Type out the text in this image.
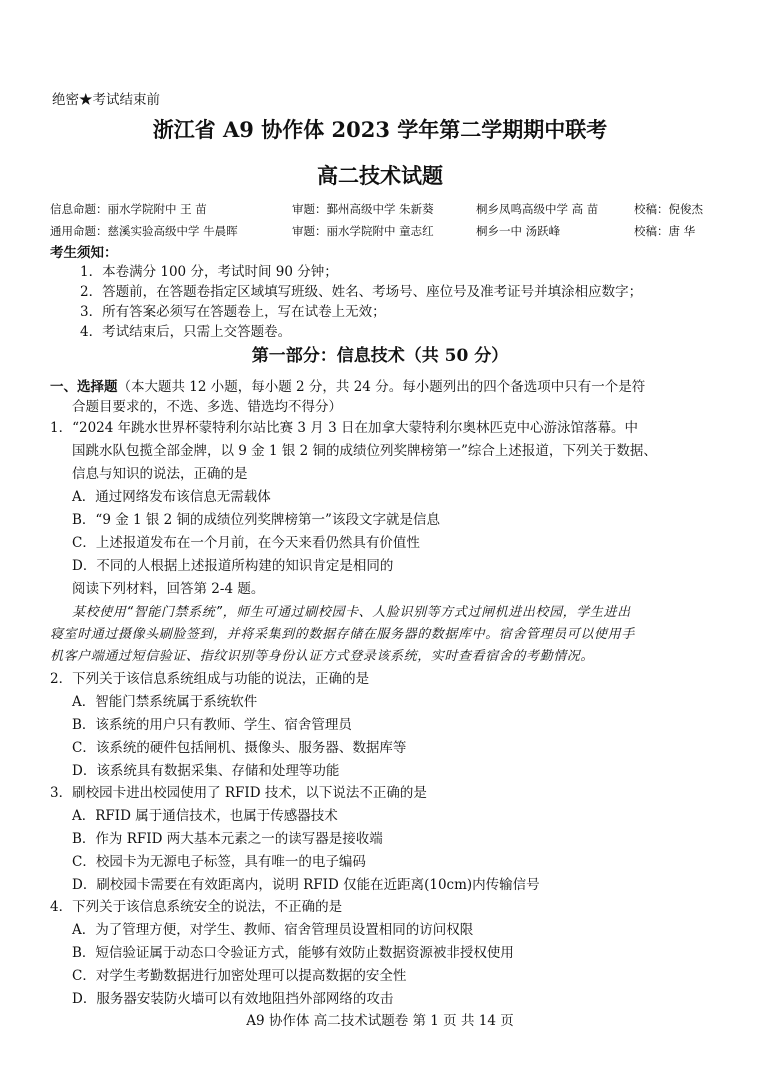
绝密★考试结束前
浙江省 A9 协作体 2023 学年第二学期期中联考
高二技术试题
信息命题：丽水学院附中 王 苗	审题：鄞州高级中学 朱新葵	桐乡凤鸣高级中学 高 苗	校稿：倪俊杰
通用命题：慈溪实验高级中学 牛晨晖	审题：丽水学院附中 童志红	桐乡一中 汤跃峰	校稿：唐 华
考生须知：
1．本卷满分 100 分，考试时间 90 分钟；
2．答题前，在答题卷指定区域填写班级、姓名、考场号、座位号及准考证号并填涂相应数字；
3．所有答案必须写在答题卷上，写在试卷上无效；
4．考试结束后，只需上交答题卷。
第一部分：信息技术（共 50 分）
一、选择题（本大题共 12 小题，每小题 2 分，共 24 分。每小题列出的四个备选项中只有一个是符
合题目要求的，不选、多选、错选均不得分）
1．“2024 年跳水世界杯蒙特利尔站比赛 3 月 3 日在加拿大蒙特利尔奥林匹克中心游泳馆落幕。中
国跳水队包揽全部金牌，以 9 金 1 银 2 铜的成绩位列奖牌榜第一”综合上述报道，下列关于数据、
信息与知识的说法，正确的是
A．通过网络发布该信息无需载体
B．“9 金 1 银 2 铜的成绩位列奖牌榜第一”该段文字就是信息
C．上述报道发布在一个月前，在今天来看仍然具有价值性
D．不同的人根据上述报道所构建的知识肯定是相同的
阅读下列材料，回答第 2-4 题。
某校使用“智能门禁系统”，师生可通过刷校园卡、人脸识别等方式过闸机进出校园，学生进出
寝室时通过摄像头刷脸签到，并将采集到的数据存储在服务器的数据库中。宿舍管理员可以使用手
机客户端通过短信验证、指纹识别等身份认证方式登录该系统，实时查看宿舍的考勤情况。
2．下列关于该信息系统组成与功能的说法，正确的是
A．智能门禁系统属于系统软件
B．该系统的用户只有教师、学生、宿舍管理员
C．该系统的硬件包括闸机、摄像头、服务器、数据库等
D．该系统具有数据采集、存储和处理等功能
3．刷校园卡进出校园使用了 RFID 技术，以下说法不正确的是
A．RFID 属于通信技术，也属于传感器技术
B．作为 RFID 两大基本元素之一的读写器是接收端
C．校园卡为无源电子标签，具有唯一的电子编码
D．刷校园卡需要在有效距离内，说明 RFID 仅能在近距离(10cm)内传输信号
4．下列关于该信息系统安全的说法，不正确的是
A．为了管理方便，对学生、教师、宿舍管理员设置相同的访问权限
B．短信验证属于动态口令验证方式，能够有效防止数据资源被非授权使用
C．对学生考勤数据进行加密处理可以提高数据的安全性
D．服务器安装防火墙可以有效地阻挡外部网络的攻击
A9 协作体 高二技术试题卷 第 1 页 共 14 页
